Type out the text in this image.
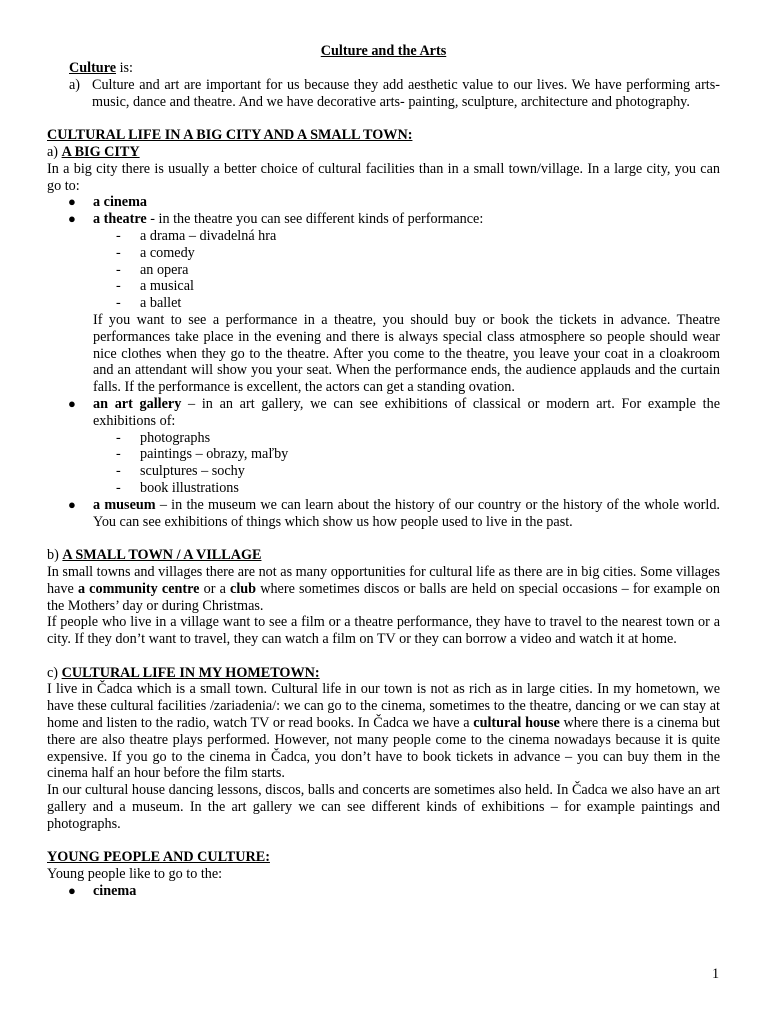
Culture and the Arts
Culture is:
a) Culture and art are important for us because they add aesthetic value to our lives. We have performing arts- music, dance and theatre. And we have decorative arts- painting, sculpture, architecture and photography.
CULTURAL LIFE IN A BIG CITY AND A SMALL TOWN:
a) A BIG CITY
In a big city there is usually a better choice of cultural facilities than in a small town/village. In a large city, you can go to:
●	a cinema
●	a theatre - in the theatre you can see different kinds of performance:
-	a drama – divadelná hra
-	a comedy
-	an opera
-	a musical
-	a ballet
If you want to see a performance in a theatre, you should buy or book the tickets in advance. Theatre performances take place in the evening and there is always special class atmosphere so people should wear nice clothes when they go to the theatre. After you come to the theatre, you leave your coat in a cloakroom and an attendant will show you your seat. When the performance ends, the audience applauds and the curtain falls. If the performance is excellent, the actors can get a standing ovation.
●	an art gallery – in an art gallery, we can see exhibitions of classical or modern art. For example the exhibitions of:
-	photographs
-	paintings – obrazy, maľby
-	sculptures – sochy
-	book illustrations
●	a museum – in the museum we can learn about the history of our country or the history of the whole world. You can see exhibitions of things which show us how people used to live in the past.
b) A SMALL TOWN / A VILLAGE
In small towns and villages there are not as many opportunities for cultural life as there are in big cities. Some villages have a community centre or a club where sometimes discos or balls are held on special occasions – for example on the Mothers’ day or during Christmas.
If people who live in a village want to see a film or a theatre performance, they have to travel to the nearest town or a city. If they don’t want to travel, they can watch a film on TV or they can borrow a video and watch it at home.
c) CULTURAL LIFE IN MY HOMETOWN:
I live in Čadca which is a small town. Cultural life in our town is not as rich as in large cities. In my hometown, we have these cultural facilities /zariadenia/: we can go to the cinema, sometimes to the theatre, dancing or we can stay at home and listen to the radio, watch TV or read books. In Čadca we have a cultural house where there is a cinema but there are also theatre plays performed. However, not many people come to the cinema nowadays because it is quite expensive. If you go to the cinema in Čadca, you don’t have to book tickets in advance – you can buy them in the cinema half an hour before the film starts.
In our cultural house dancing lessons, discos, balls and concerts are sometimes also held. In Čadca we also have an art gallery and a museum. In the art gallery we can see different kinds of exhibitions – for example paintings and photographs.
YOUNG PEOPLE AND CULTURE:
Young people like to go to the:
●	cinema
1
